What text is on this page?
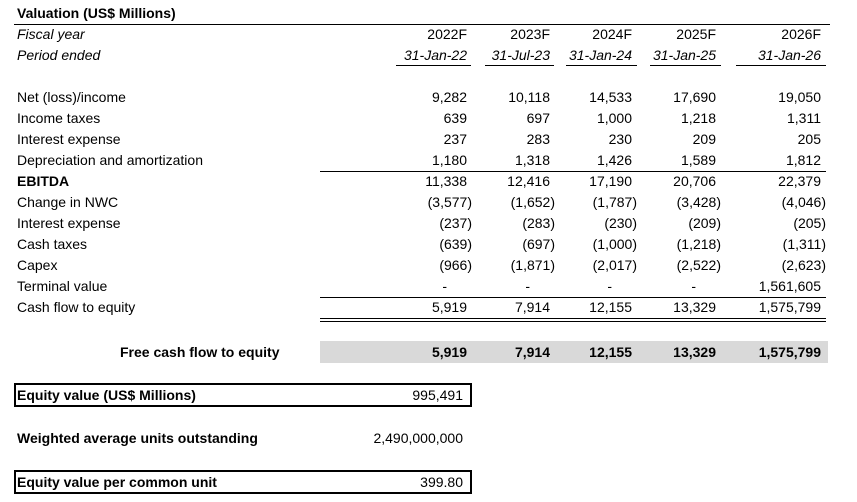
Valuation (US$ Millions)
Fiscal year	2022F	2023F	2024F	2025F	2026F
Period ended	31-Jan-22	31-Jul-23	31-Jan-24	31-Jan-25	31-Jan-26
Net (loss)/income	9,282	10,118	14,533	17,690	19,050
Income taxes	639	697	1,000	1,218	1,311
Interest expense	237	283	230	209	205
Depreciation and amortization	1,180	1,318	1,426	1,589	1,812
EBITDA	11,338	12,416	17,190	20,706	22,379
Change in NWC	(3,577)	(1,652)	(1,787)	(3,428)	(4,046)
Interest expense	(237)	(283)	(230)	(209)	(205)
Cash taxes	(639)	(697)	(1,000)	(1,218)	(1,311)
Capex	(966)	(1,871)	(2,017)	(2,522)	(2,623)
Terminal value	-	-	-	-	1,561,605
Cash flow to equity	5,919	7,914	12,155	13,329	1,575,799
Free cash flow to equity	5,919	7,914	12,155	13,329	1,575,799
Equity value (US$ Millions)	995,491
Weighted average units outstanding	2,490,000,000
Equity value per common unit	399.80
